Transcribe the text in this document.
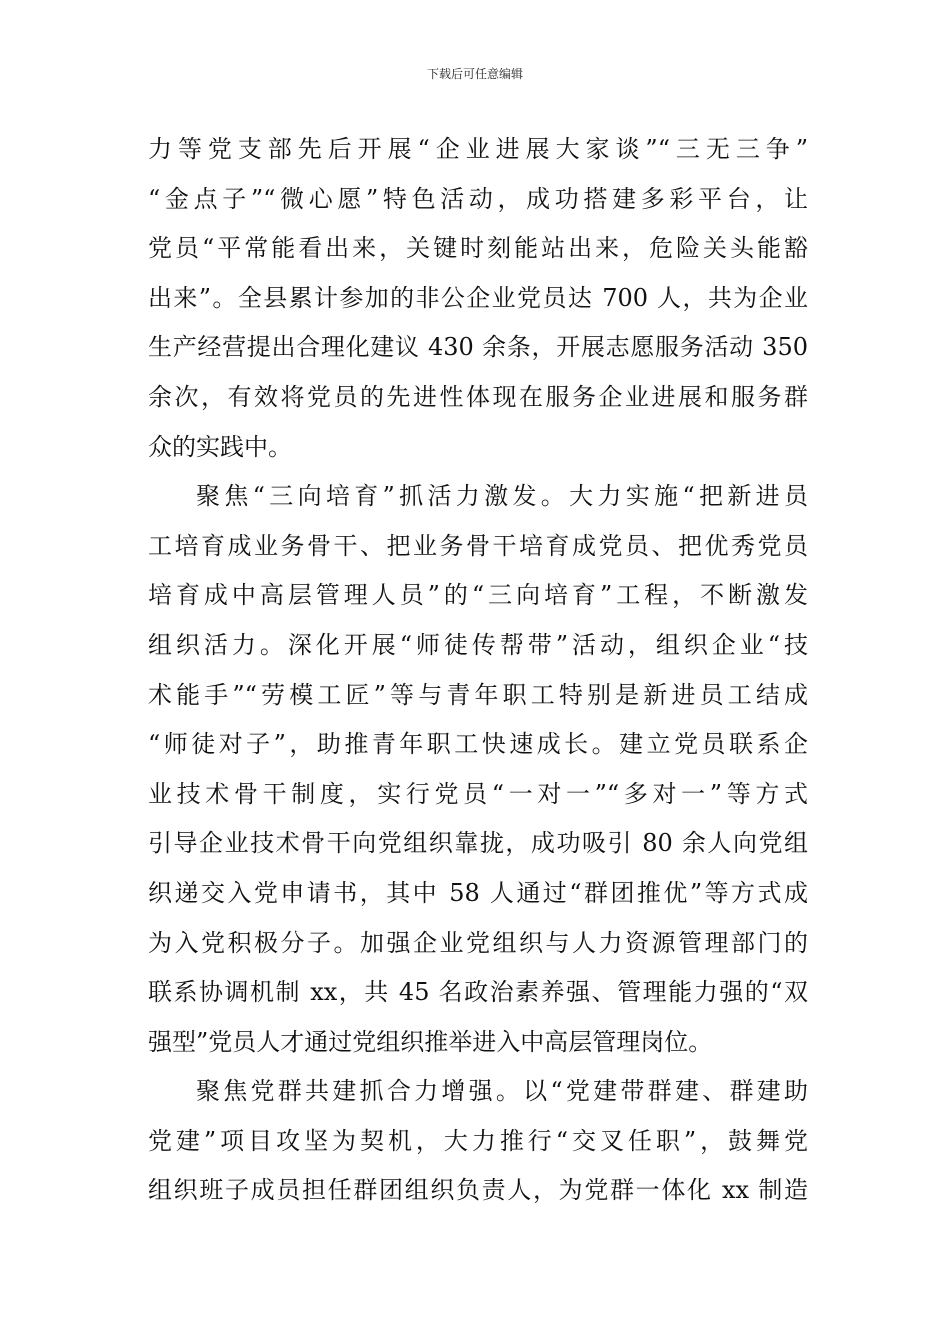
下载后可任意编辑
力等党支部先后开展“企业进展大家谈”“三无三争”
“金点子”“微心愿”特色活动，成功搭建多彩平台，让
党员“平常能看出来，关键时刻能站出来，危险关头能豁
出来”。全县累计参加的非公企业党员达 700 人，共为企业
生产经营提出合理化建议 430 余条，开展志愿服务活动 350
余次，有效将党员的先进性体现在服务企业进展和服务群
众的实践中。
聚焦“三向培育”抓活力激发。大力实施“把新进员
工培育成业务骨干、把业务骨干培育成党员、把优秀党员
培育成中高层管理人员”的“三向培育”工程，不断激发
组织活力。深化开展“师徒传帮带”活动，组织企业“技
术能手”“劳模工匠”等与青年职工特别是新进员工结成
“师徒对子”，助推青年职工快速成长。建立党员联系企
业技术骨干制度，实行党员“一对一”“多对一”等方式
引导企业技术骨干向党组织靠拢，成功吸引 80 余人向党组
织递交入党申请书，其中 58 人通过“群团推优”等方式成
为入党积极分子。加强企业党组织与人力资源管理部门的
联系协调机制 xx，共 45 名政治素养强、管理能力强的“双
强型”党员人才通过党组织推举进入中高层管理岗位。
聚焦党群共建抓合力增强。以“党建带群建、群建助
党建”项目攻坚为契机，大力推行“交叉任职”，鼓舞党
组织班子成员担任群团组织负责人，为党群一体化 xx 制造
